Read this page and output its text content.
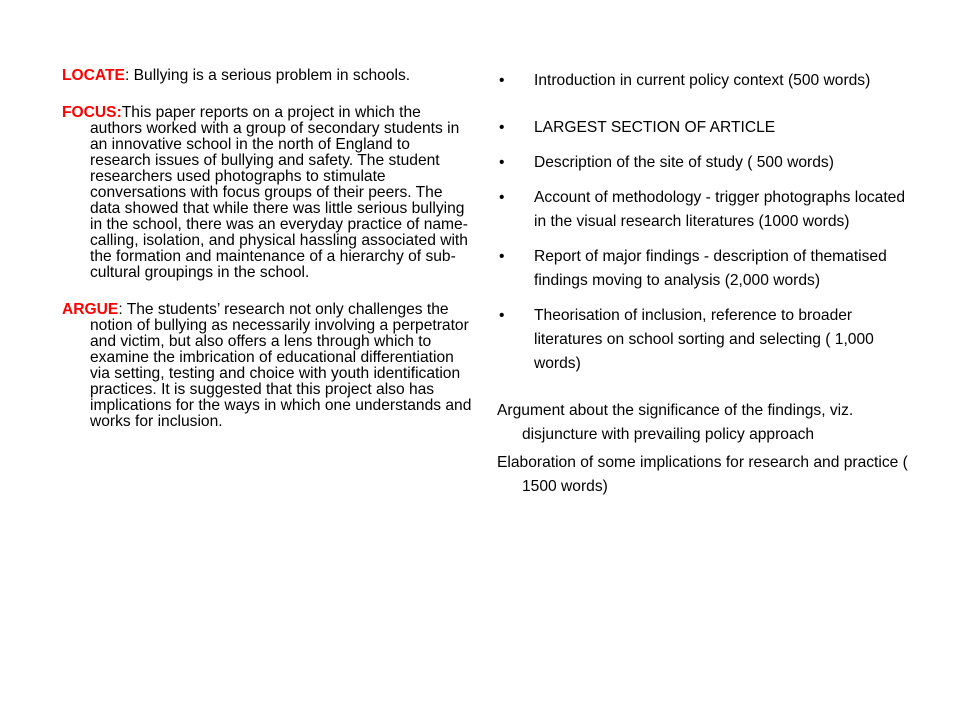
LOCATE: Bullying is a serious problem in schools.

FOCUS:This paper reports on a project in which the authors worked with a group of secondary students in an innovative school in the north of England to research issues of bullying and safety. The student researchers used photographs to stimulate conversations with focus groups of their peers. The data showed that while there was little serious bullying in the school, there was an everyday practice of name-calling, isolation, and physical hassling associated with the formation and maintenance of a hierarchy of sub-cultural groupings in the school.

ARGUE: The students’ research not only challenges the notion of bullying as necessarily involving a perpetrator and victim, but also offers a lens through which to examine the imbrication of educational differentiation via setting, testing and choice with youth identification practices. It is suggested that this project also has implications for the ways in which one understands and works for inclusion.

• Introduction in current policy context (500 words)
• LARGEST SECTION OF ARTICLE
• Description of the site of study ( 500 words)
• Account of methodology - trigger photographs located in the visual research literatures (1000 words)
• Report of major findings - description of thematised findings moving to analysis (2,000 words)
• Theorisation of inclusion, reference to broader literatures on school sorting and selecting ( 1,000 words)

Argument about the significance of the findings, viz. disjuncture with prevailing policy approach

Elaboration of some implications for research and practice ( 1500 words)
